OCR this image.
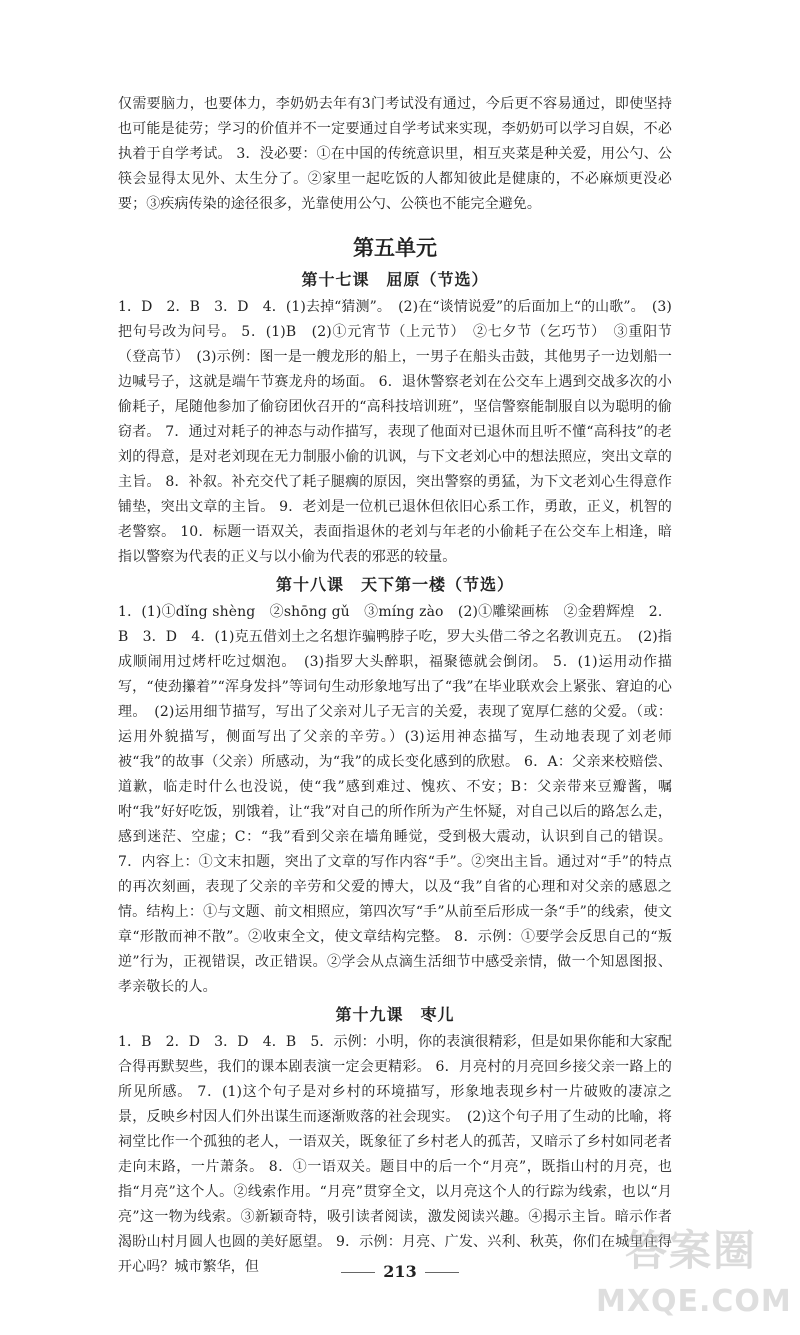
仅需要脑力，也要体力，李奶奶去年有3门考试没有通过，今后更不容易通过，即使坚持也可能是徒劳；学习的价值并不一定要通过自学考试来实现，李奶奶可以学习自娱，不必执着于自学考试。 3．没必要：①在中国的传统意识里，相互夹菜是种关爱，用公勺、公筷会显得太见外、太生分了。②家里一起吃饭的人都知彼此是健康的，不必麻烦更没必要；③疾病传染的途径很多，光靠使用公勺、公筷也不能完全避免。

第五单元
第十七课　屈原（节选）

1．D　2．B　3．D　4．(1)去掉“猜测”。　(2)在“谈情说爱”的后面加上“的山歌”。　(3)把句号改为问号。 5．(1)B　(2)①元宵节（上元节）　②七夕节（乞巧节）　③重阳节（登高节）　(3)示例：图一是一艘龙形的船上，一男子在船头击鼓，其他男子一边划船一边喊号子，这就是端午节赛龙舟的场面。 6．退休警察老刘在公交车上遇到交战多次的小偷耗子，尾随他参加了偷窃团伙召开的“高科技培训班”，坚信警察能制服自以为聪明的偷窃者。 7．通过对耗子的神态与动作描写，表现了他面对已退休而且听不懂“高科技”的老刘的得意，是对老刘现在无力制服小偷的讥讽，与下文老刘心中的想法照应，突出文章的主旨。 8．补叙。补充交代了耗子腿瘸的原因，突出警察的勇猛，为下文老刘心生得意作铺垫，突出文章的主旨。 9．老刘是一位机已退休但依旧心系工作，勇敢，正义，机智的老警察。 10．标题一语双关，表面指退休的老刘与年老的小偷耗子在公交车上相逢，暗指以警察为代表的正义与以小偷为代表的邪恶的较量。

第十八课　天下第一楼（节选）

1．(1)①dǐng shèng　②shōng gǔ　③míng zào　(2)①雕梁画栋　②金碧辉煌　2．B　3．D　4．(1)克五借刘土之名想诈骗鸭脖子吃，罗大头借二爷之名教训克五。　(2)指成顺闹用过烤杆吃过烟泡。　(3)指罗大头醉职，福聚德就会倒闭。 5．(1)运用动作描写，“使劲攥着”“浑身发抖”等词句生动形象地写出了“我”在毕业联欢会上紧张、窘迫的心理。　(2)运用细节描写，写出了父亲对儿子无言的关爱，表现了宽厚仁慈的父爱。（或：运用外貌描写，侧面写出了父亲的辛劳。）(3)运用神态描写，生动地表现了刘老师被“我”的故事（父亲）所感动，为“我”的成长变化感到的欣慰。 6．A：父亲来校赔偿、道歉，临走时什么也没说，使“我”感到难过、愧疚、不安；B：父亲带来豆瓣酱，嘱咐“我”好好吃饭，别饿着，让“我”对自己的所作所为产生怀疑，对自己以后的路怎么走，感到迷茫、空虚；C：“我”看到父亲在墙角睡觉，受到极大震动，认识到自己的错误。 7．内容上：①文末扣题，突出了文章的写作内容“手”。②突出主旨。通过对“手”的特点的再次刻画，表现了父亲的辛劳和父爱的博大，以及“我”自省的心理和对父亲的感恩之情。结构上：①与文题、前文相照应，第四次写“手”从前至后形成一条“手”的线索，使文章“形散而神不散”。②收束全文，使文章结构完整。 8．示例：①要学会反思自己的“叛逆”行为，正视错误，改正错误。②学会从点滴生活细节中感受亲情，做一个知恩图报、孝亲敬长的人。

第十九课　枣儿

1．B　2．D　3．D　4．B　5．示例：小明，你的表演很精彩，但是如果你能和大家配合得再默契些，我们的课本剧表演一定会更精彩。 6．月亮村的月亮回乡接父亲一路上的所见所感。 7．(1)这个句子是对乡村的环境描写，形象地表现乡村一片破败的凄凉之景，反映乡村因人们外出谋生而逐渐败落的社会现实。　(2)这个句子用了生动的比喻，将祠堂比作一个孤独的老人，一语双关，既象征了乡村老人的孤苦，又暗示了乡村如同老者走向末路，一片萧条。 8．①一语双关。题目中的后一个“月亮”，既指山村的月亮，也指“月亮”这个人。②线索作用。“月亮”贯穿全文，以月亮这个人的行踪为线索，也以“月亮”这一物为线索。③新颖奇特，吸引读者阅读，激发阅读兴趣。④揭示主旨。暗示作者渴盼山村月圆人也圆的美好愿望。 9．示例：月亮、广发、兴利、秋英，你们在城里住得开心吗？城市繁华，但	213	答案圈
MXQE.COM
